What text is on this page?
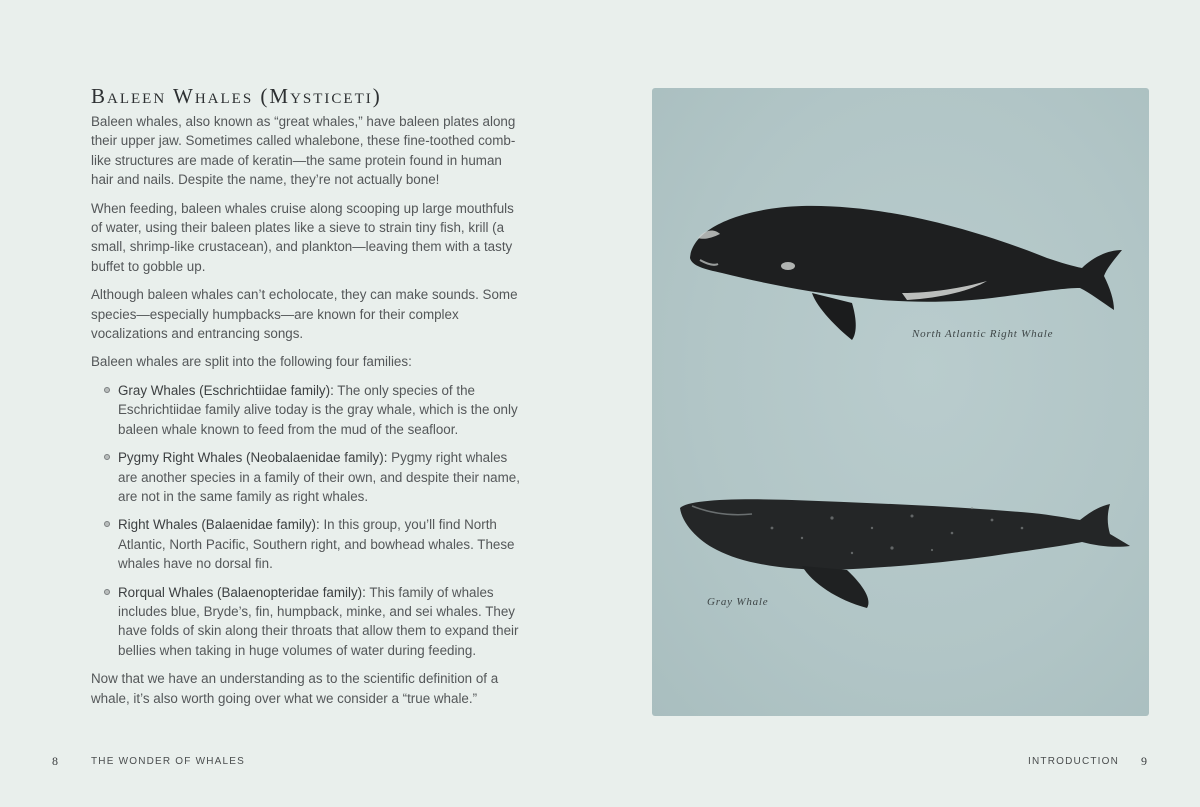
Baleen Whales (Mysticeti)

Baleen whales, also known as “great whales,” have baleen plates along their upper jaw. Sometimes called whalebone, these fine-toothed comb-like structures are made of keratin—the same protein found in human hair and nails. Despite the name, they’re not actually bone!

When feeding, baleen whales cruise along scooping up large mouthfuls of water, using their baleen plates like a sieve to strain tiny fish, krill (a small, shrimp-like crustacean), and plankton—leaving them with a tasty buffet to gobble up.

Although baleen whales can’t echolocate, they can make sounds. Some species—especially humpbacks—are known for their complex vocalizations and entrancing songs.

Baleen whales are split into the following four families:

Gray Whales (Eschrichtiidae family): The only species of the Eschrichtiidae family alive today is the gray whale, which is the only baleen whale known to feed from the mud of the seafloor.
Pygmy Right Whales (Neobalaenidae family): Pygmy right whales are another species in a family of their own, and despite their name, are not in the same family as right whales.
Right Whales (Balaenidae family): In this group, you’ll find North Atlantic, North Pacific, Southern right, and bowhead whales. These whales have no dorsal fin.
Rorqual Whales (Balaenopteridae family): This family of whales includes blue, Bryde’s, fin, humpback, minke, and sei whales. They have folds of skin along their throats that allow them to expand their bellies when taking in huge volumes of water during feeding.

Now that we have an understanding as to the scientific definition of a whale, it’s also worth going over what we consider a “true whale.”

8	THE WONDER OF WHALES
North Atlantic Right Whale
Gray Whale
INTRODUCTION 9
